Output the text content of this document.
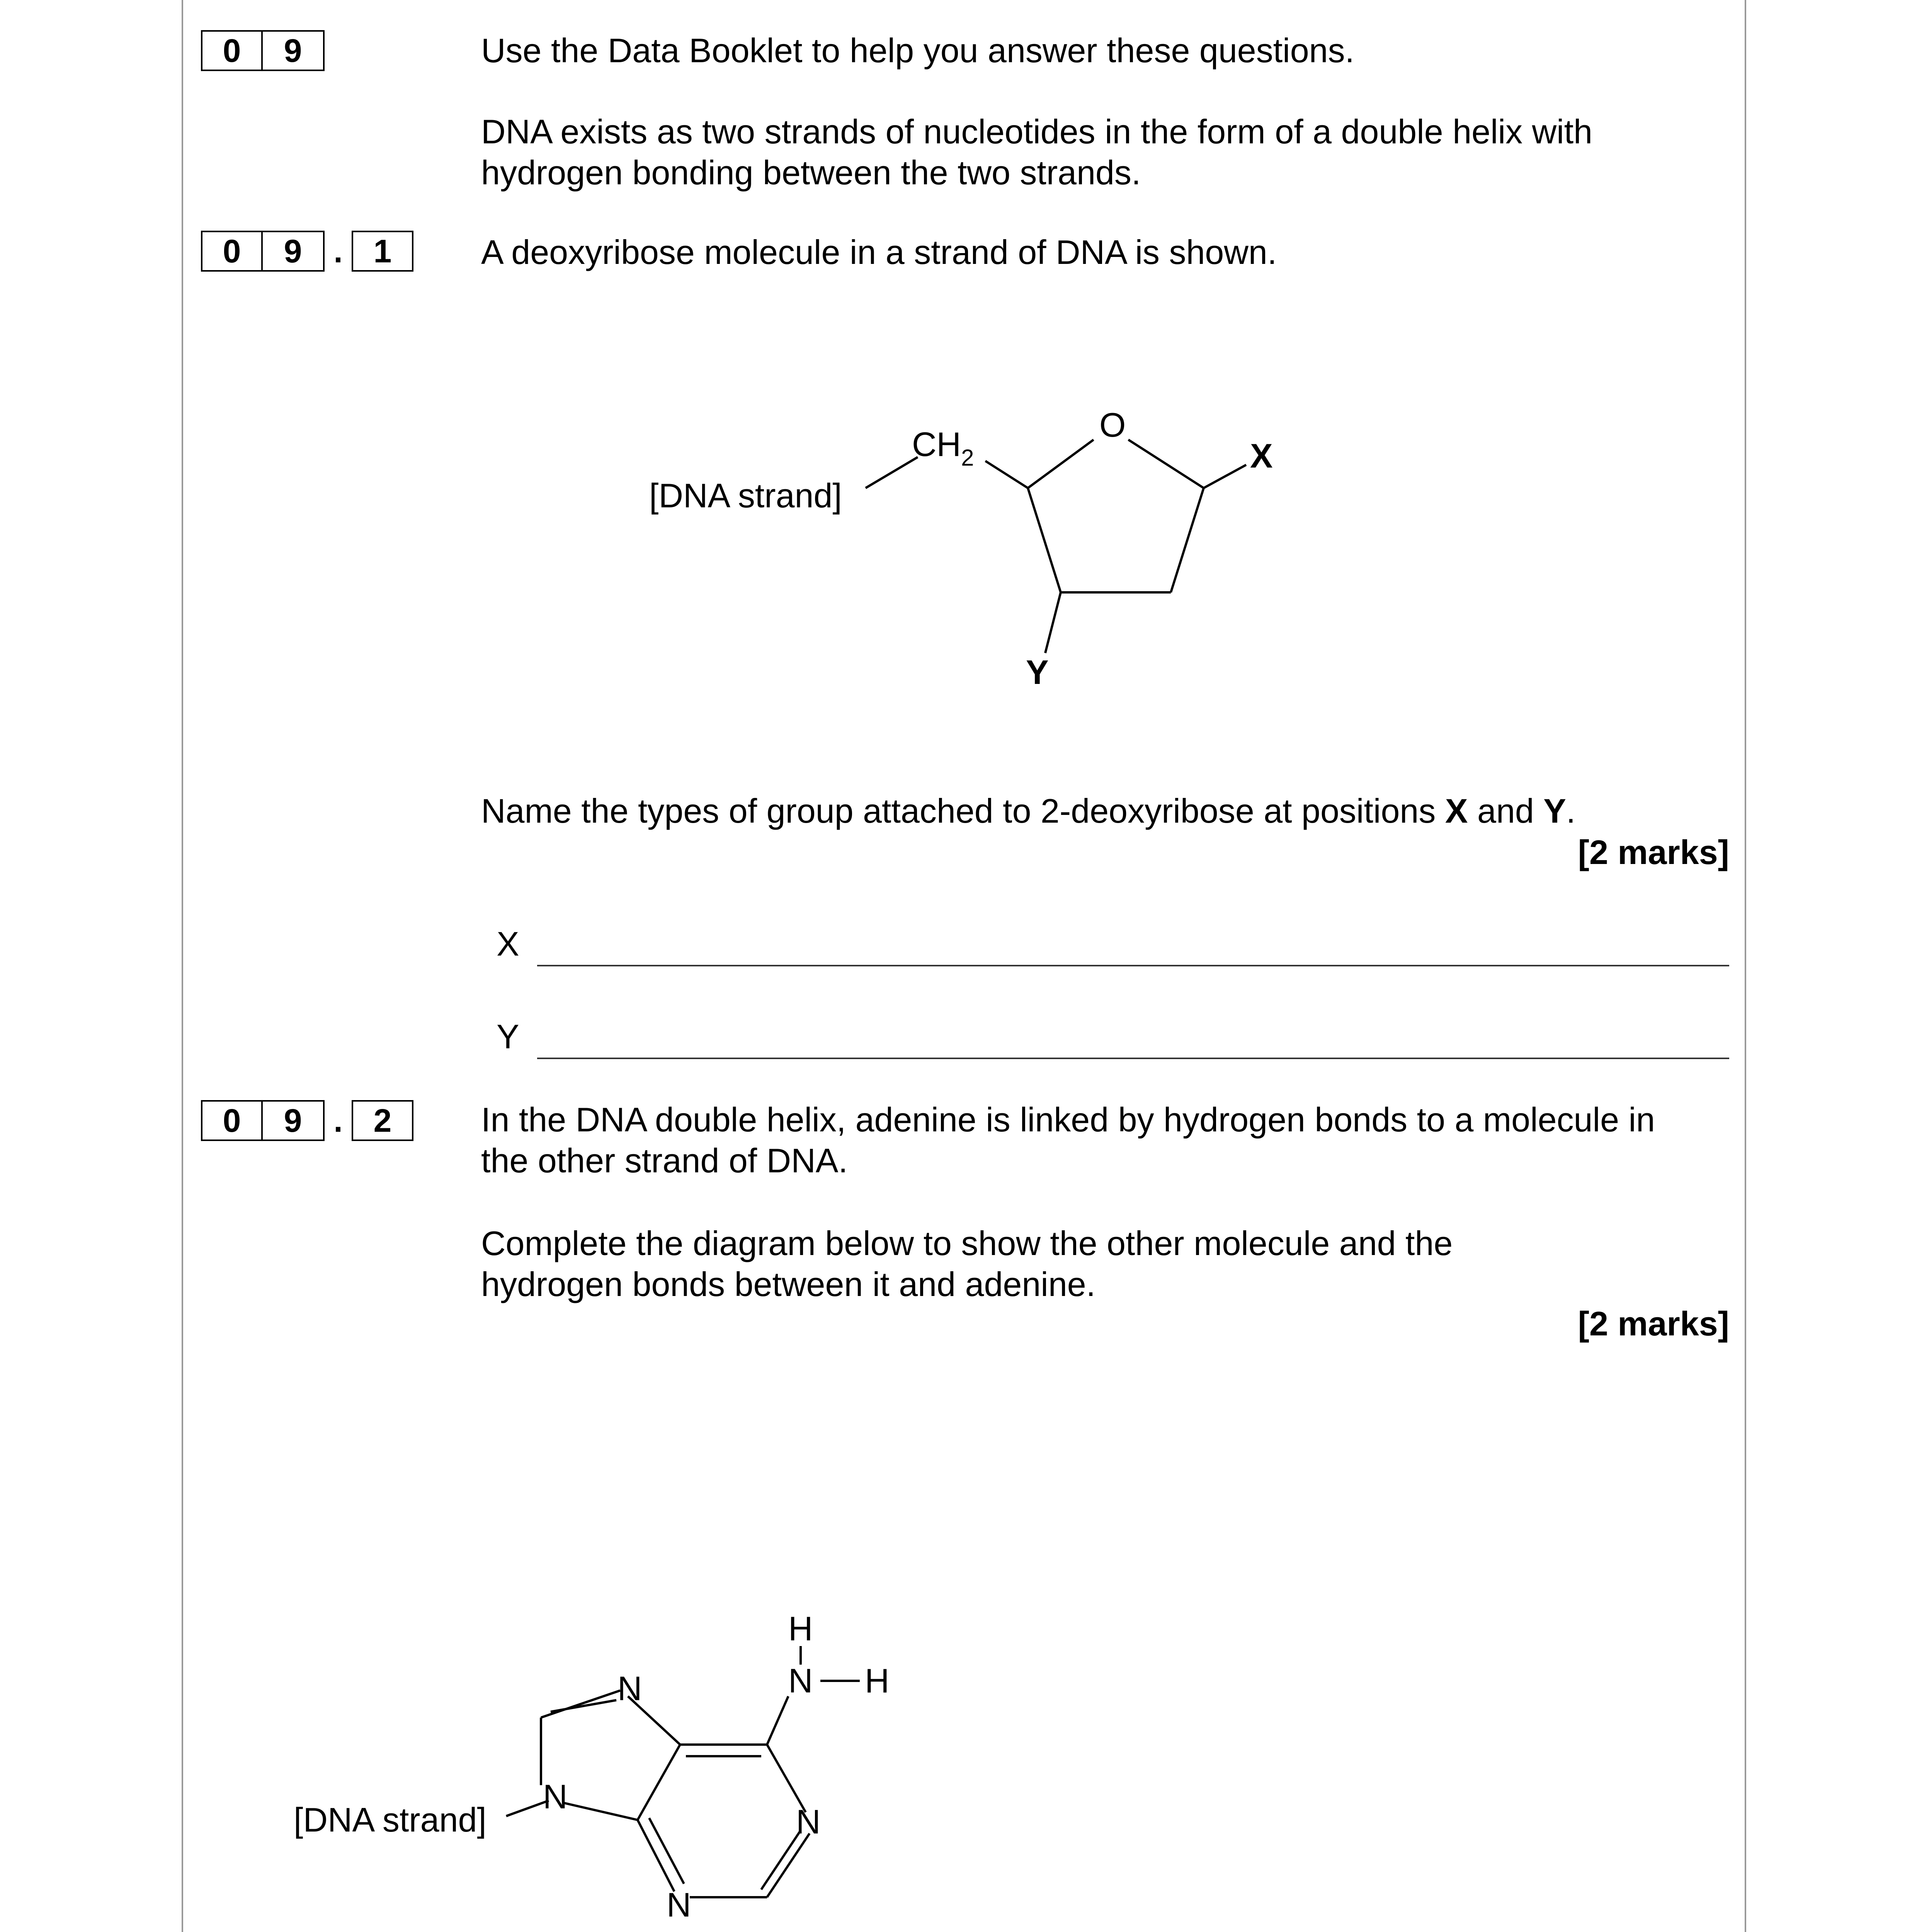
0	9	Use the Data Booklet to help you answer these questions.
DNA exists as two strands of nucleotides in the form of a double helix with
hydrogen bonding between the two strands.
0	9 . 1	A deoxyribose molecule in a strand of DNA is shown.
[DNA strand]
$CH_2$
O
X
Y
Name the types of group attached to 2-deoxyribose at positions X and Y.
[2 marks]
X
Y
0	9 . 2	In the DNA double helix, adenine is linked by hydrogen bonds to a molecule in
the other strand of DNA.
Complete the diagram below to show the other molecule and the
hydrogen bonds between it and adenine.
[2 marks]
N
N
N
N
N
H
H
[DNA strand]
